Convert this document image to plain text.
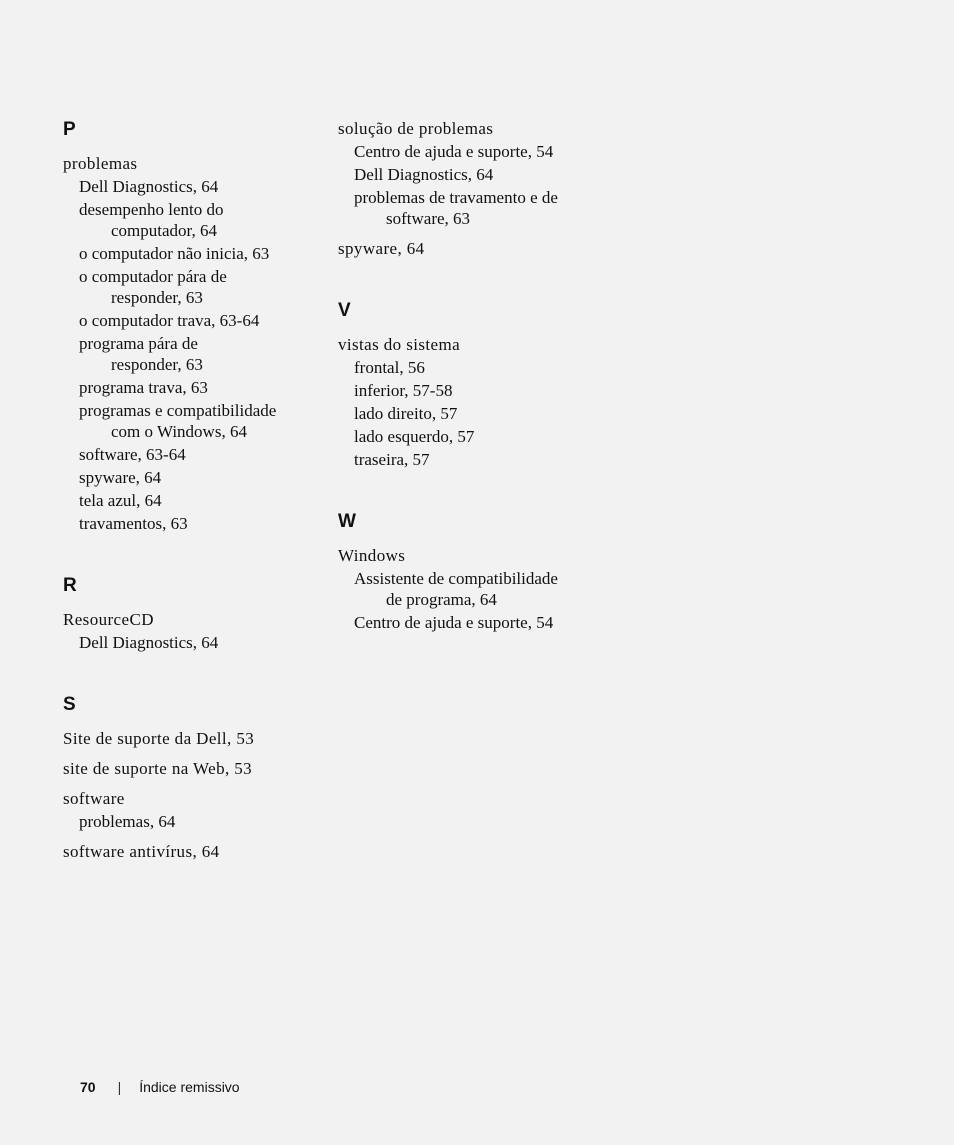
P
problemas
Dell Diagnostics, 64
desempenho lento do
computador, 64
o computador não inicia, 63
o computador pára de
responder, 63
o computador trava, 63-64
programa pára de
responder, 63
programa trava, 63
programas e compatibilidade
com o Windows, 64
software, 63-64
spyware, 64
tela azul, 64
travamentos, 63
R
ResourceCD
Dell Diagnostics, 64
S
Site de suporte da Dell, 53
site de suporte na Web, 53
software
problemas, 64
software antivírus, 64
solução de problemas
Centro de ajuda e suporte, 54
Dell Diagnostics, 64
problemas de travamento e de
software, 63
spyware, 64
V
vistas do sistema
frontal, 56
inferior, 57-58
lado direito, 57
lado esquerdo, 57
traseira, 57
W
Windows
Assistente de compatibilidade
de programa, 64
Centro de ajuda e suporte, 54
70 | Índice remissivo
